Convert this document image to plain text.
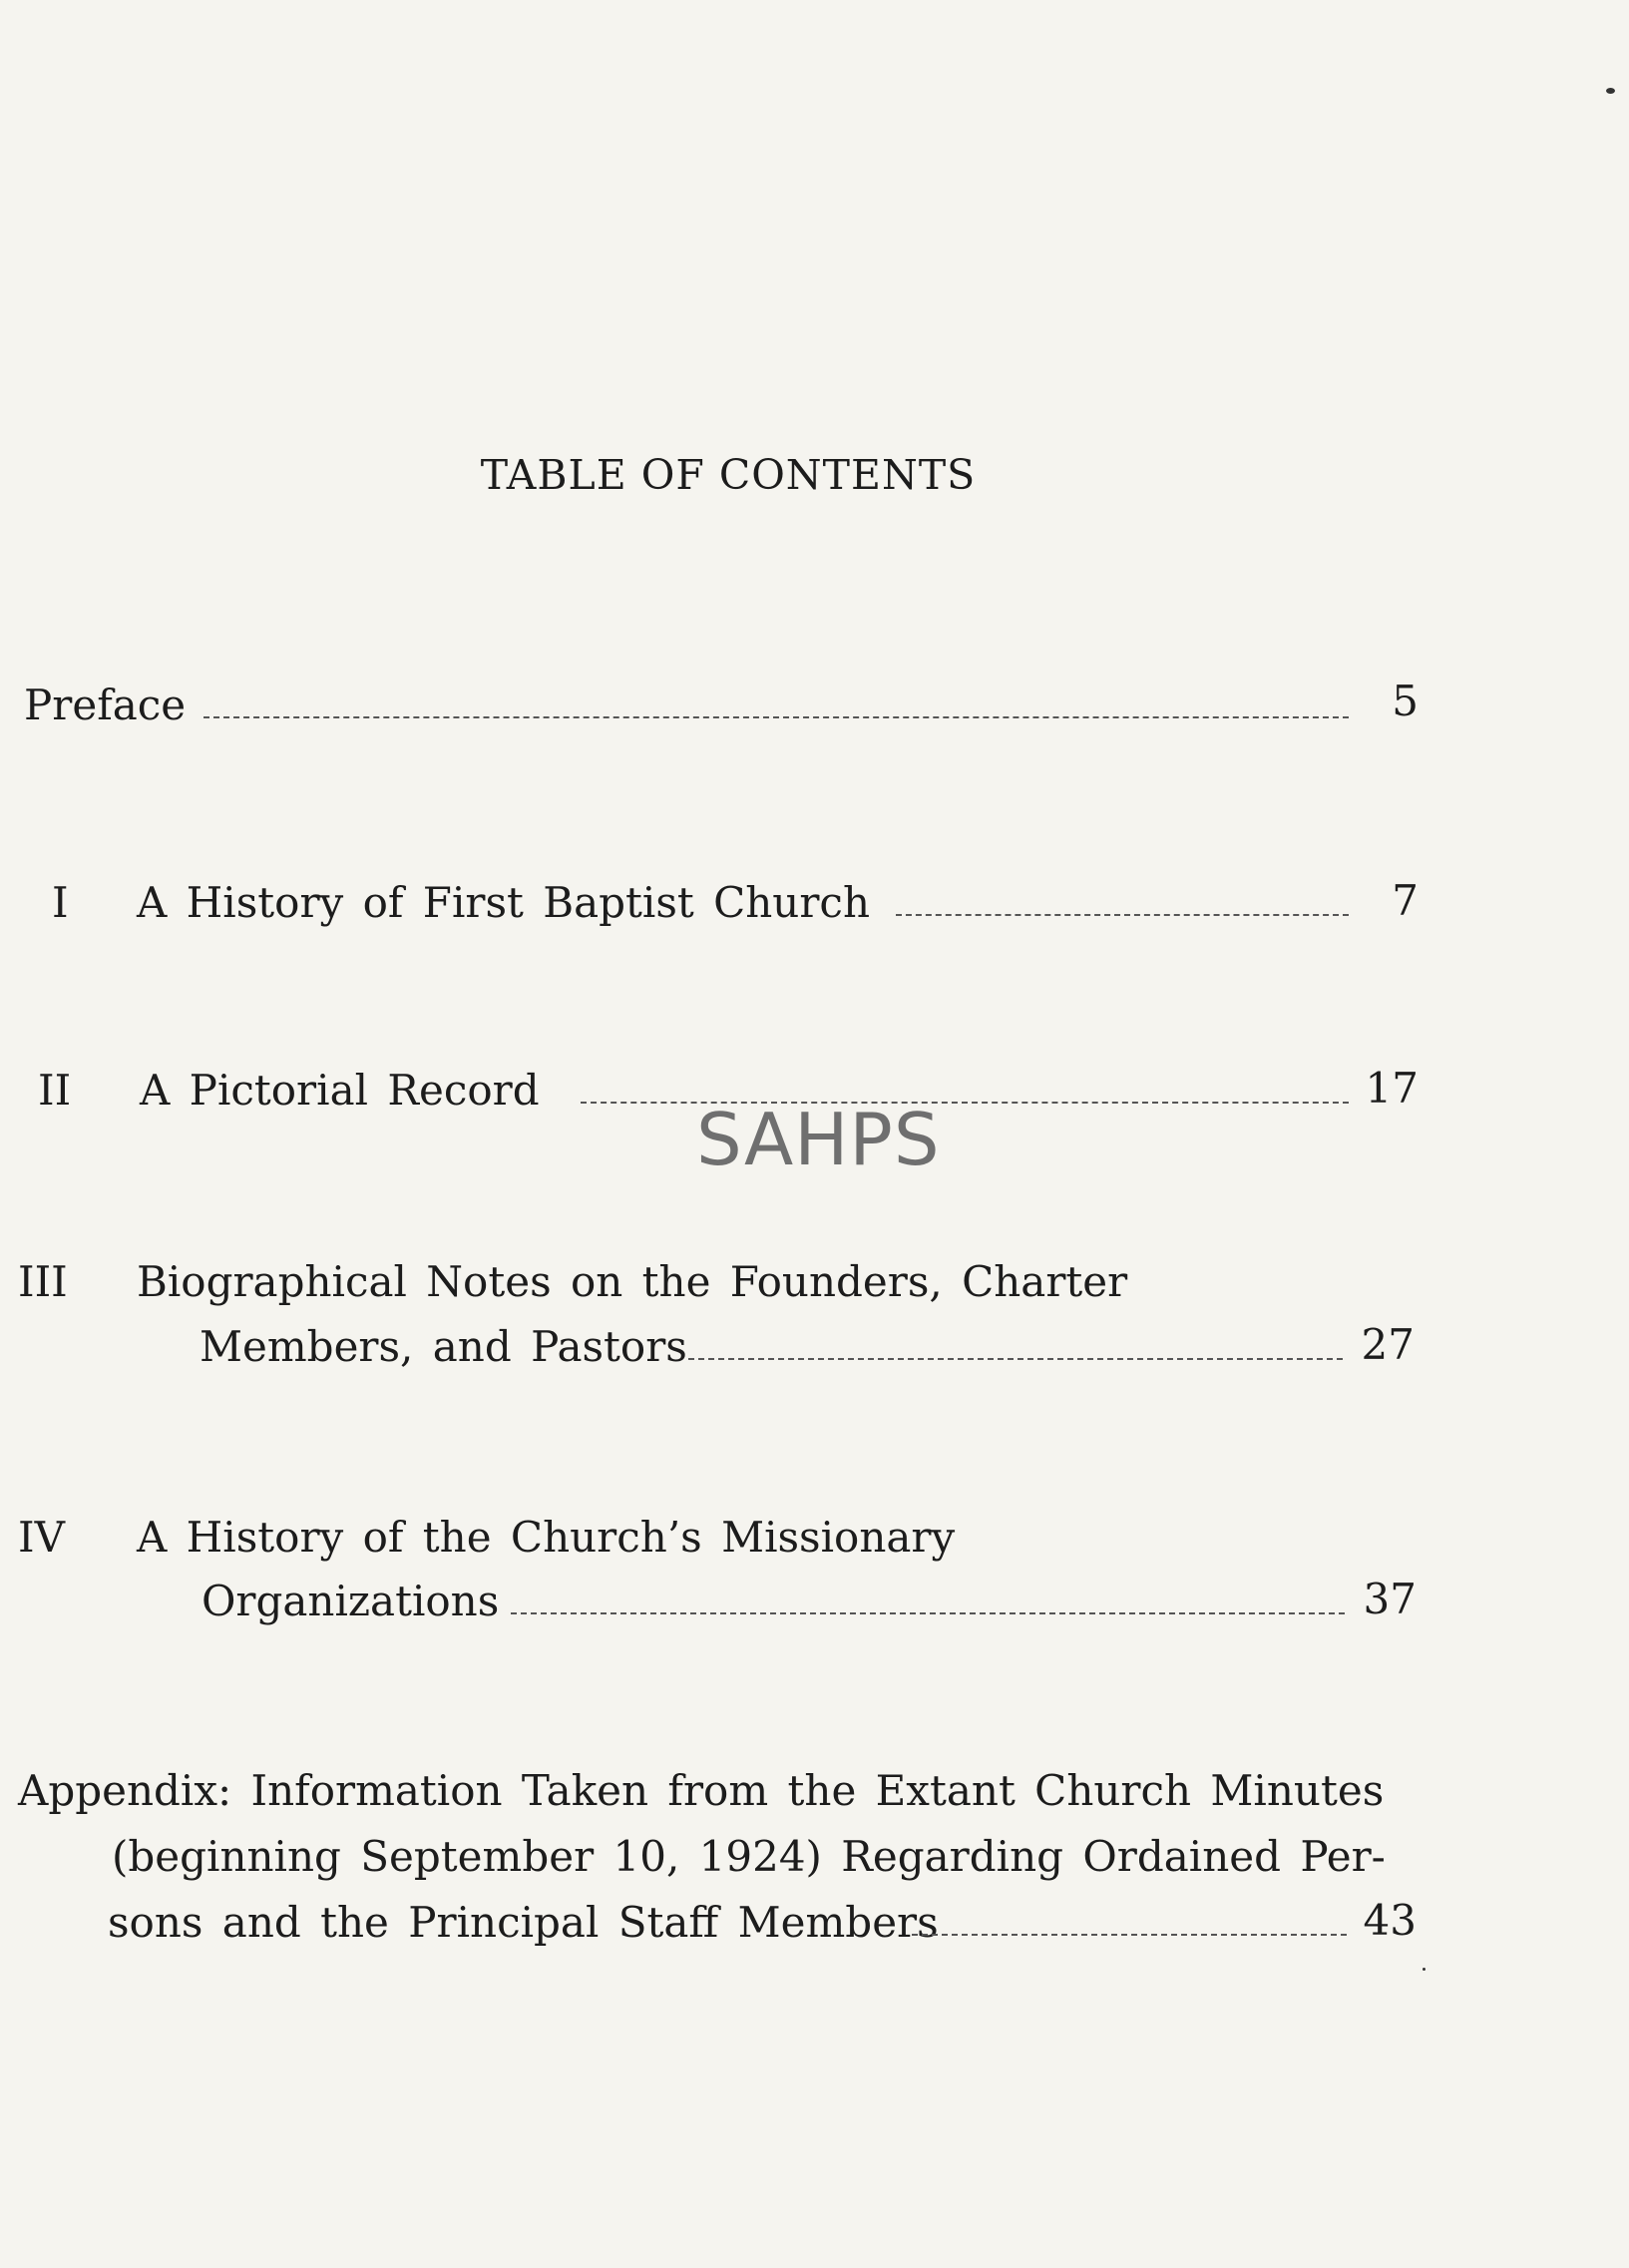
TABLE OF CONTENTS
Preface	5
I A History of First Baptist Church	7
II A Pictorial Record	17
III Biographical Notes on the Founders, Charter
Members, and Pastors	27
IV A History of the Church’s Missionary
Organizations	37
Appendix: Information Taken from the Extant Church Minutes
(beginning September 10, 1924) Regarding Ordained Per-
sons and the Principal Staff Members	43
SAHPS
